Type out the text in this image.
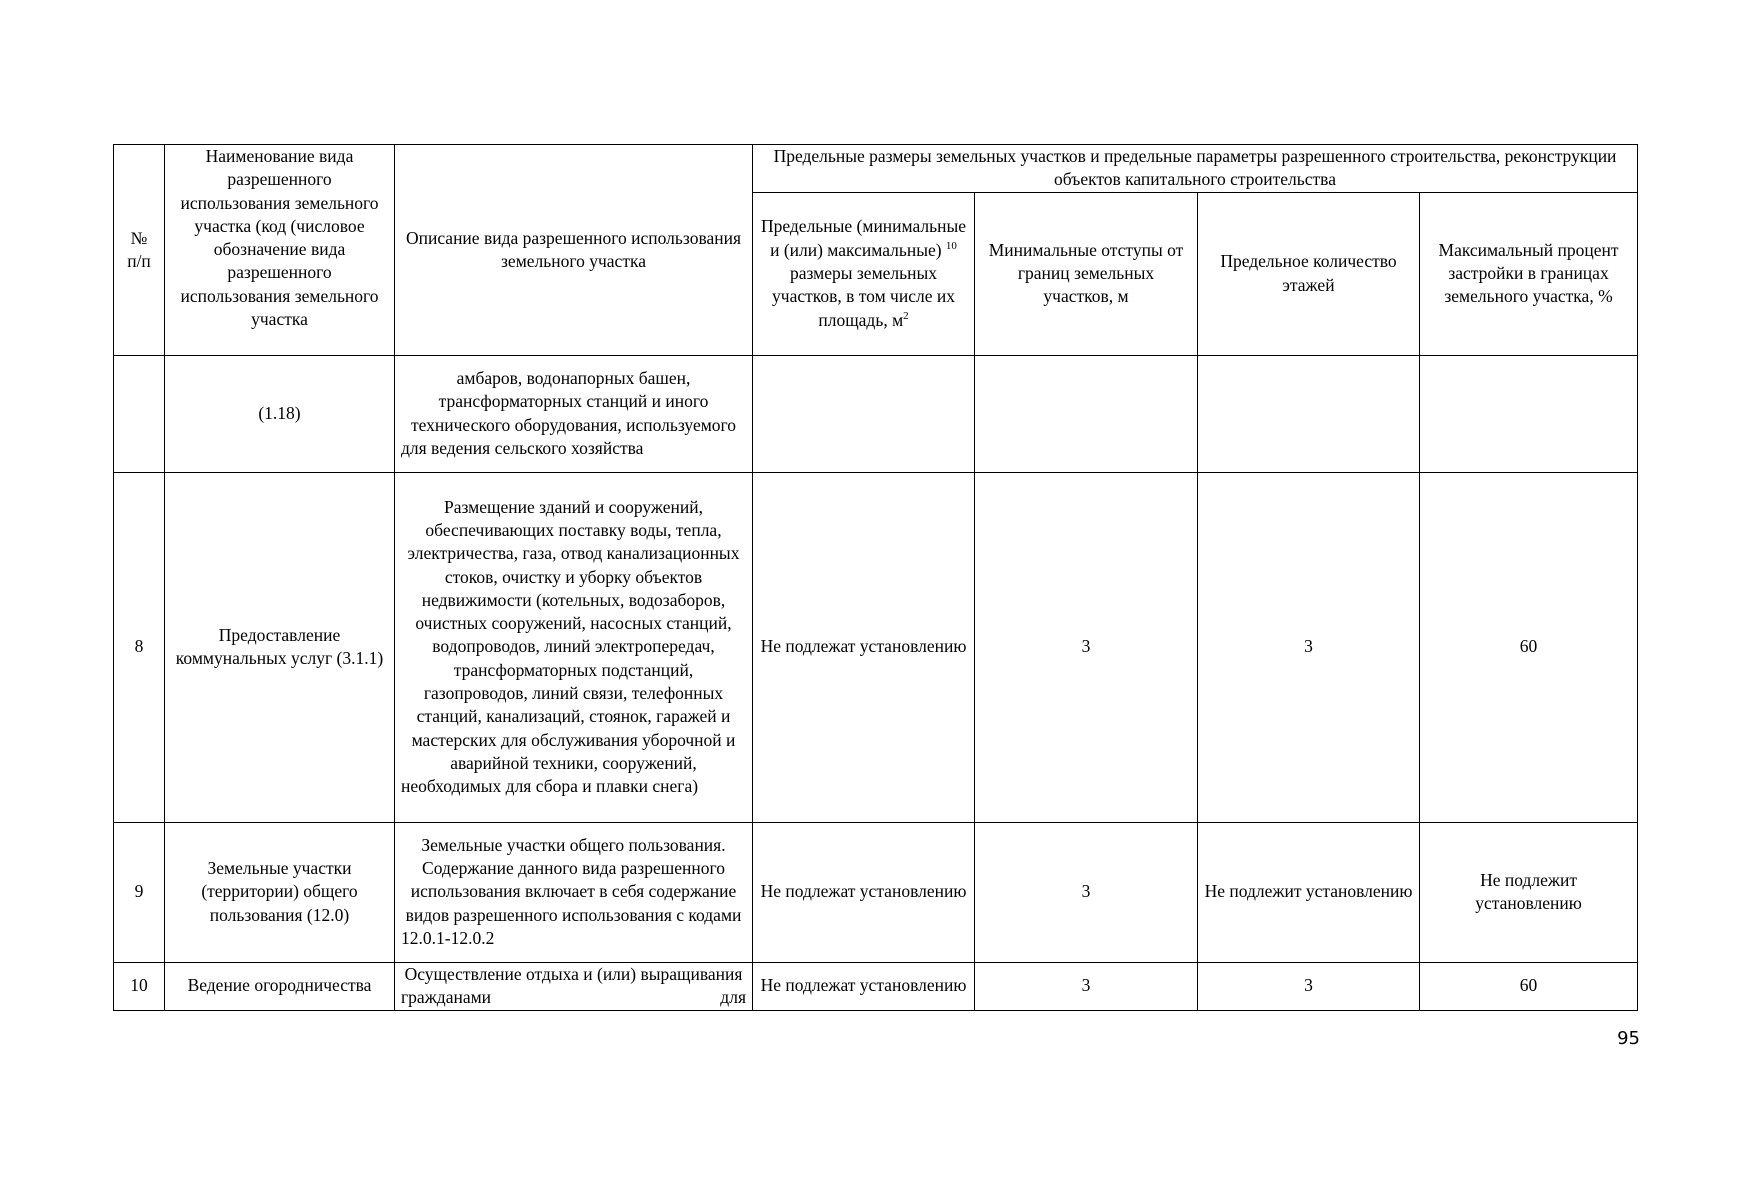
№
п/п	Наименование вида разрешенного использования земельного участка (код (числовое обозначение вида разрешенного использования земельного участка	Описание вида разрешенного использования земельного участка	Предельные размеры земельных участков и предельные параметры разрешенного строительства, реконструкции объектов капитального строительства			
			Предельные (минимальные и (или) максимальные) $^{10}$ размеры земельных участков, в том числе их площадь, $м^2$	Минимальные отступы от границ земельных участков, м	Предельное количество этажей	Максимальный процент застройки в границах земельного участка, %
	(1.18)	амбаров, водонапорных башен, трансформаторных станций и иного технического оборудования, используемого для ведения сельского хозяйства				
8	Предоставление коммунальных услуг (3.1.1)	Размещение зданий и сооружений, обеспечивающих поставку воды, тепла, электричества, газа, отвод канализационных стоков, очистку и уборку объектов недвижимости (котельных, водозаборов, очистных сооружений, насосных станций, водопроводов, линий электропередач, трансформаторных подстанций, газопроводов, линий связи, телефонных станций, канализаций, стоянок, гаражей и мастерских для обслуживания уборочной и аварийной техники, сооружений, необходимых для сбора и плавки снега)	Не подлежат установлению	3	3	60
9	Земельные участки (территории) общего пользования (12.0)	Земельные участки общего пользования. Содержание данного вида разрешенного использования включает в себя содержание видов разрешенного использования с кодами 12.0.1-12.0.2	Не подлежат установлению	3	Не подлежит установлению	Не подлежит установлению
10	Ведение огородничества	Осуществление отдыха и (или) выращивания гражданами для	Не подлежат установлению	3	3	60
95
